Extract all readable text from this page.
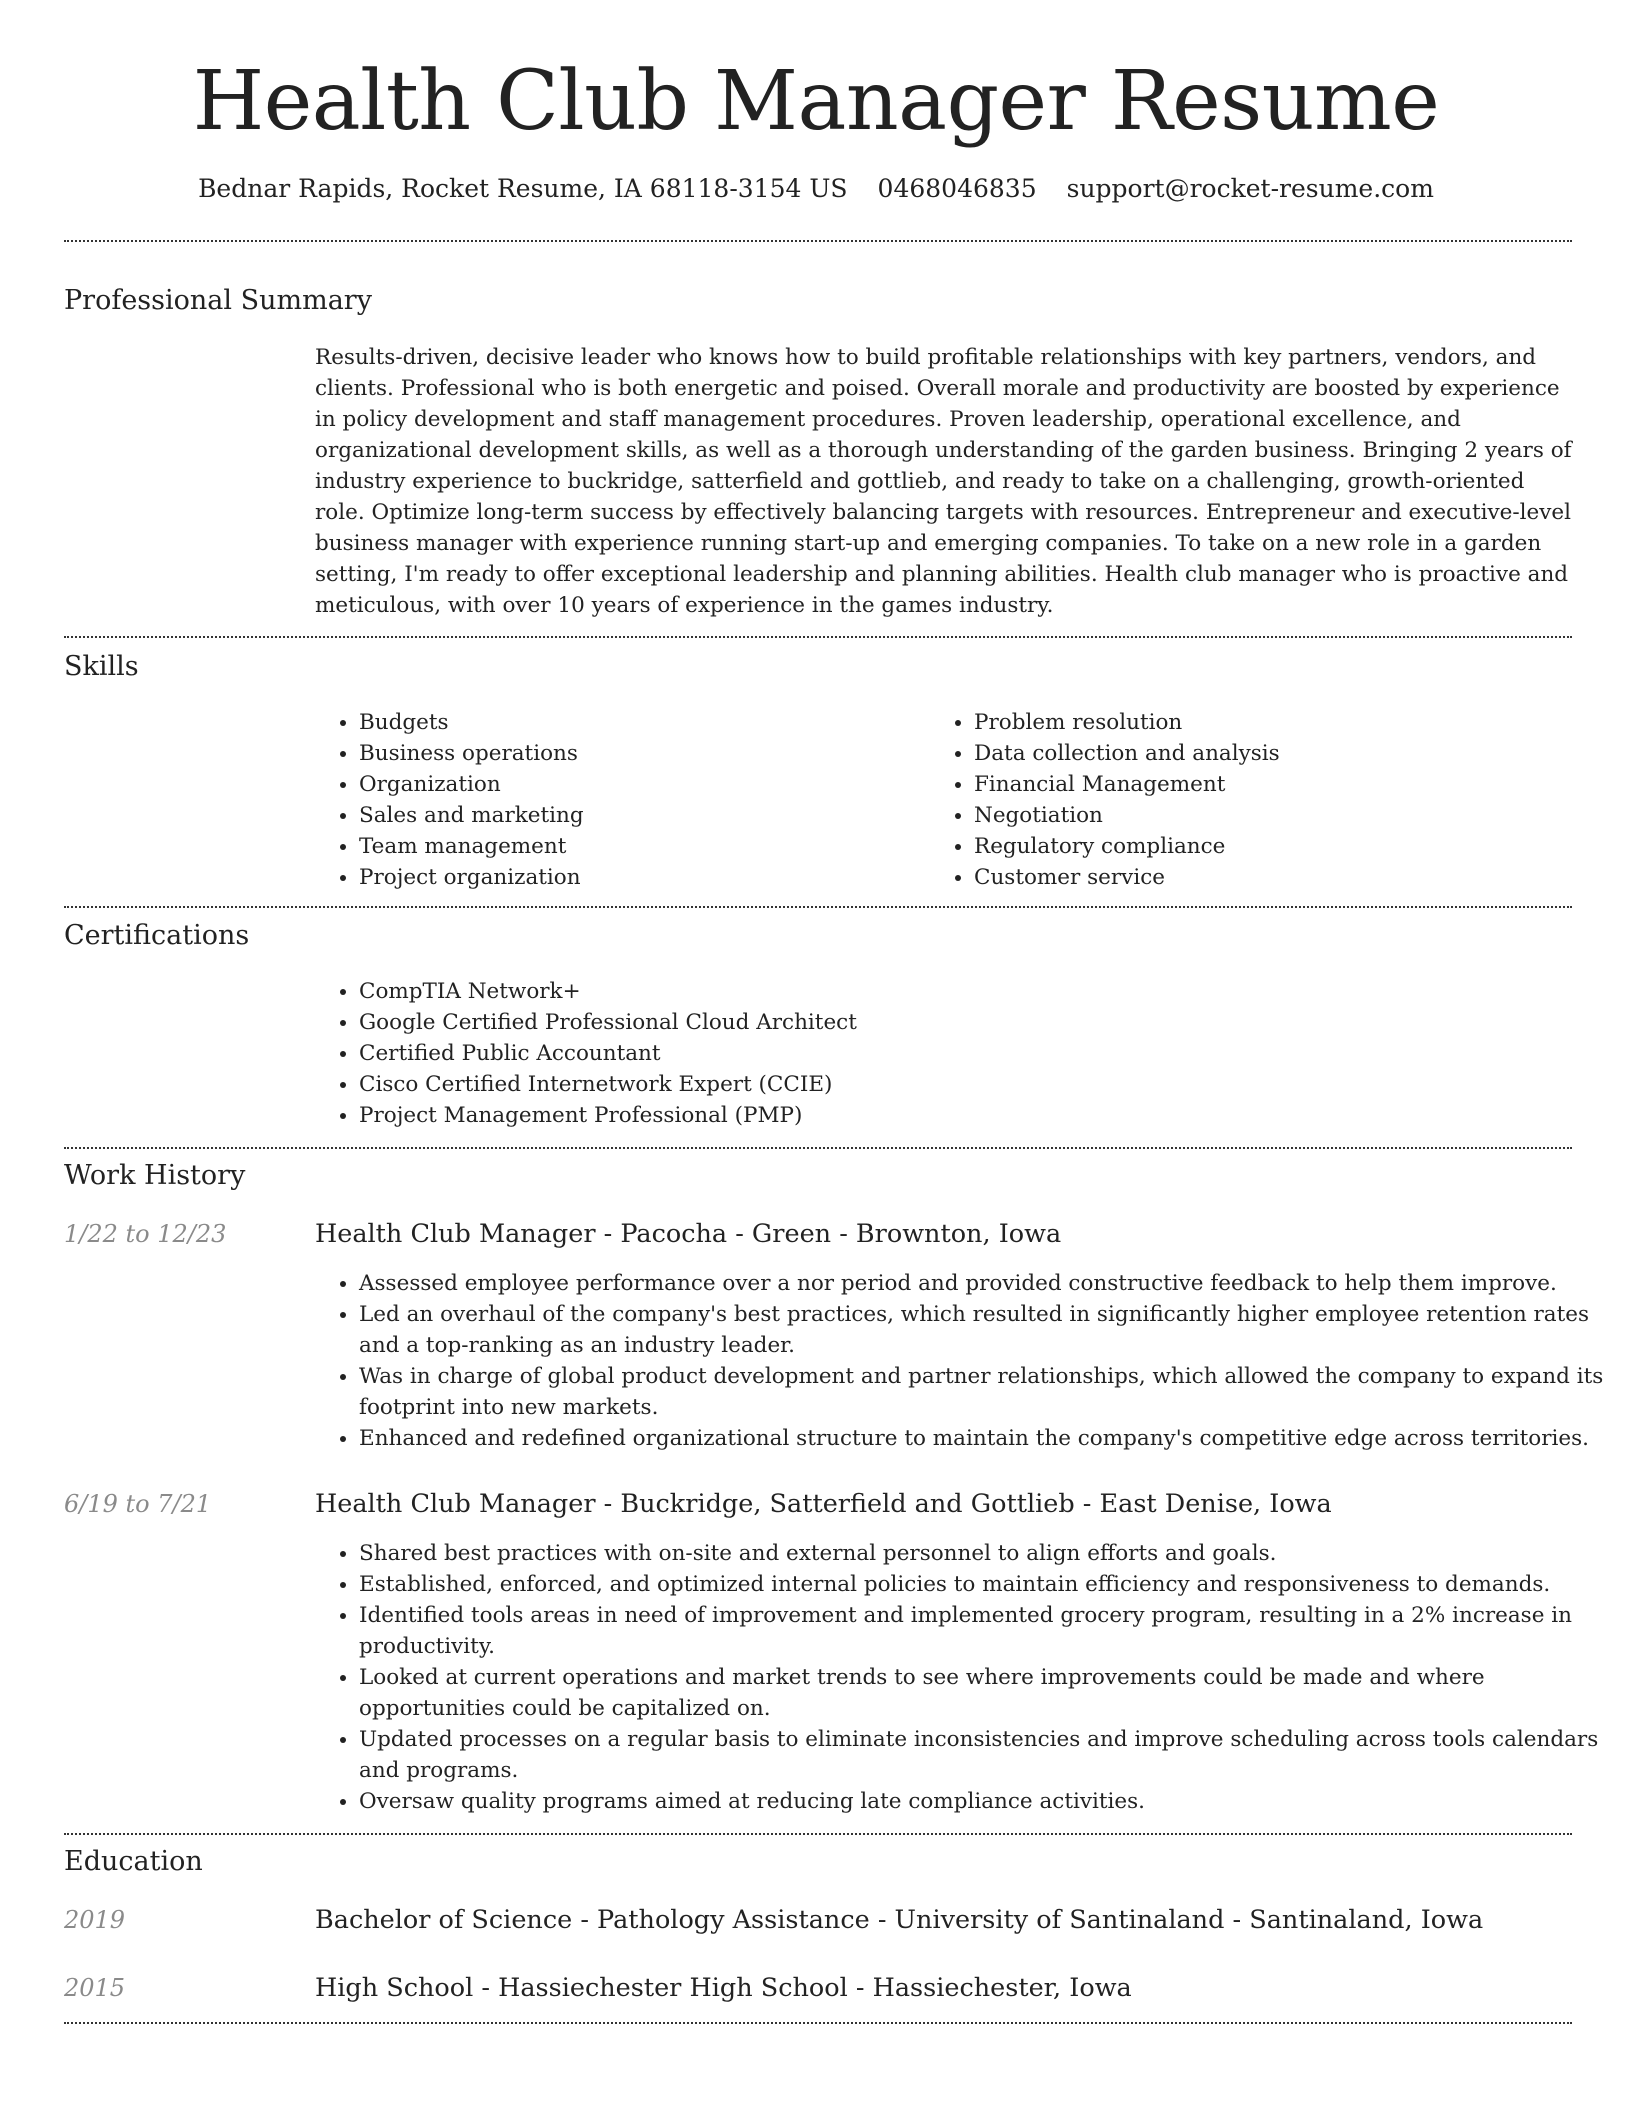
Health Club Manager Resume
Bednar Rapids, Rocket Resume, IA 68118-3154 US 0468046835 support@rocket-resume.com
Professional Summary

Results-driven, decisive leader who knows how to build profitable relationships with key partners, vendors, and clients. Professional who is both energetic and poised. Overall morale and productivity are boosted by experience in policy development and staff management procedures. Proven leadership, operational excellence, and organizational development skills, as well as a thorough understanding of the garden business. Bringing 2 years of industry experience to buckridge, satterfield and gottlieb, and ready to take on a challenging, growth-oriented role. Optimize long-term success by effectively balancing targets with resources. Entrepreneur and executive-level business manager with experience running start-up and emerging companies. To take on a new role in a garden setting, I'm ready to offer exceptional leadership and planning abilities. Health club manager who is proactive and meticulous, with over 10 years of experience in the games industry.

Skills
• Budgets
• Business operations
• Organization
• Sales and marketing
• Team management
• Project organization
• Problem resolution
• Data collection and analysis
• Financial Management
• Negotiation
• Regulatory compliance
• Customer service
Certifications
• CompTIA Network+
• Google Certified Professional Cloud Architect
• Certified Public Accountant
• Cisco Certified Internetwork Expert (CCIE)
• Project Management Professional (PMP)
Work History
1/22 to 12/23	Health Club Manager - Pacocha - Green - Brownton, Iowa
• Assessed employee performance over a nor period and provided constructive feedback to help them improve.
• Led an overhaul of the company's best practices, which resulted in significantly higher employee retention rates and a top-ranking as an industry leader.
• Was in charge of global product development and partner relationships, which allowed the company to expand its footprint into new markets.
• Enhanced and redefined organizational structure to maintain the company's competitive edge across territories.
6/19 to 7/21	Health Club Manager - Buckridge, Satterfield and Gottlieb - East Denise, Iowa
• Shared best practices with on-site and external personnel to align efforts and goals.
• Established, enforced, and optimized internal policies to maintain efficiency and responsiveness to demands.
• Identified tools areas in need of improvement and implemented grocery program, resulting in a 2% increase in productivity.
• Looked at current operations and market trends to see where improvements could be made and where opportunities could be capitalized on.
• Updated processes on a regular basis to eliminate inconsistencies and improve scheduling across tools calendars and programs.
• Oversaw quality programs aimed at reducing late compliance activities.
Education
2019	Bachelor of Science - Pathology Assistance - University of Santinaland - Santinaland, Iowa
2015	High School - Hassiechester High School - Hassiechester, Iowa
